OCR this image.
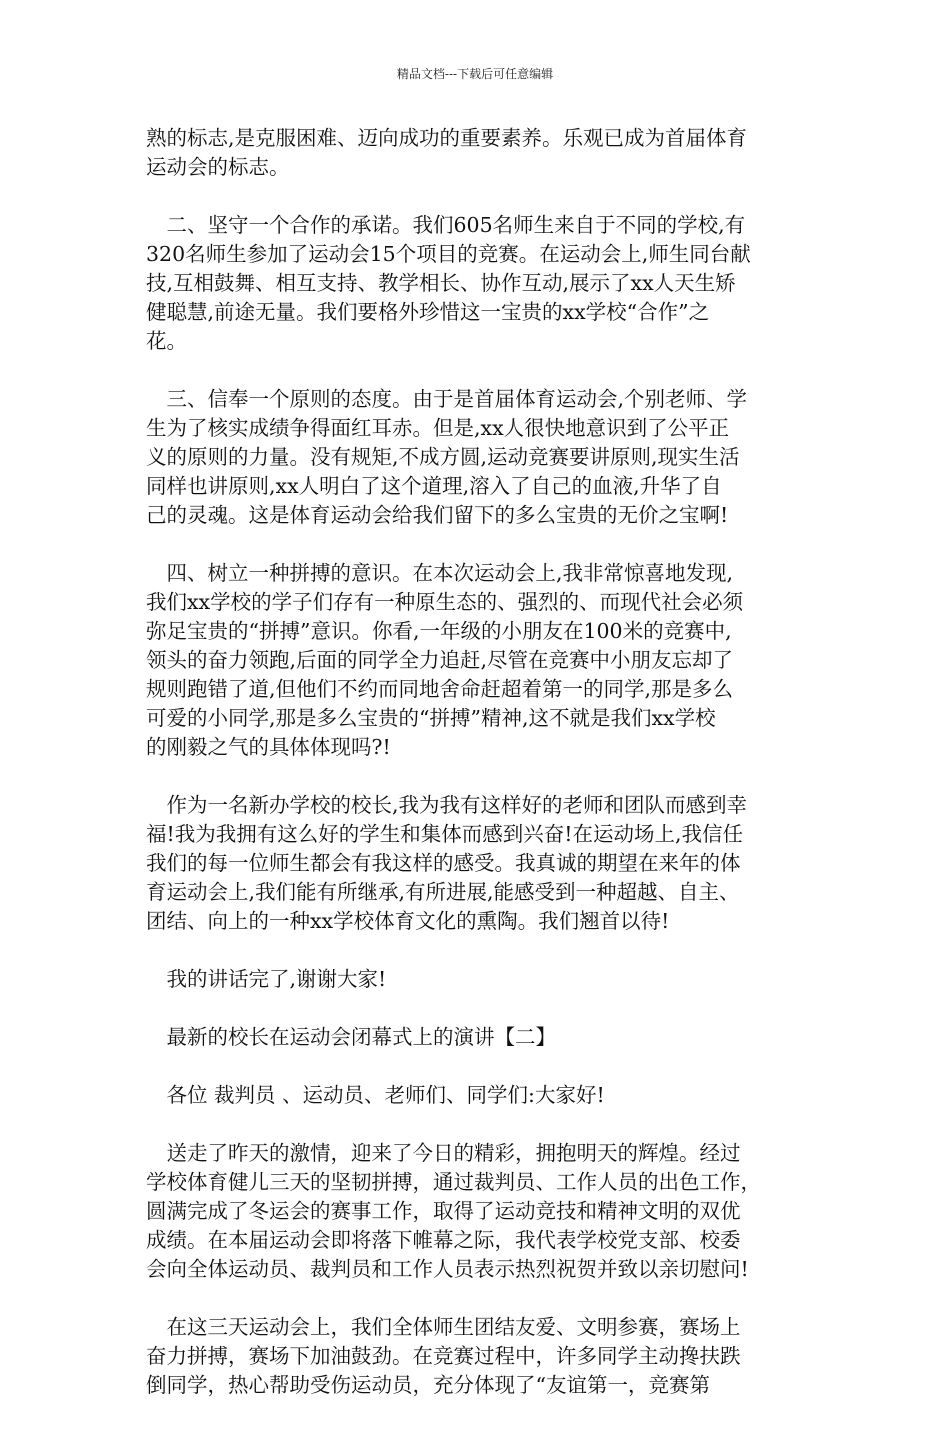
精品文档---下载后可任意编辑

熟的标志,是克服困难、迈向成功的重要素养。乐观已成为首届体育
运动会的标志。

　二、坚守一个合作的承诺。我们605名师生来自于不同的学校,有
320名师生参加了运动会15个项目的竞赛。在运动会上,师生同台献
技,互相鼓舞、相互支持、教学相长、协作互动,展示了xx人天生矫
健聪慧,前途无量。我们要格外珍惜这一宝贵的xx学校“合作”之
花。

　三、信奉一个原则的态度。由于是首届体育运动会,个别老师、学
生为了核实成绩争得面红耳赤。但是,xx人很快地意识到了公平正
义的原则的力量。没有规矩,不成方圆,运动竞赛要讲原则,现实生活
同样也讲原则,xx人明白了这个道理,溶入了自己的血液,升华了自
己的灵魂。这是体育运动会给我们留下的多么宝贵的无价之宝啊!

　四、树立一种拼搏的意识。在本次运动会上,我非常惊喜地发现,
我们xx学校的学子们存有一种原生态的、强烈的、而现代社会必须
弥足宝贵的“拼搏”意识。你看,一年级的小朋友在100米的竞赛中,
领头的奋力领跑,后面的同学全力追赶,尽管在竞赛中小朋友忘却了
规则跑错了道,但他们不约而同地舍命赶超着第一的同学,那是多么
可爱的小同学,那是多么宝贵的“拼搏”精神,这不就是我们xx学校
的刚毅之气的具体体现吗?!

　作为一名新办学校的校长,我为我有这样好的老师和团队而感到幸
福!我为我拥有这么好的学生和集体而感到兴奋!在运动场上,我信任
我们的每一位师生都会有我这样的感受。我真诚的期望在来年的体
育运动会上,我们能有所继承,有所进展,能感受到一种超越、自主、
团结、向上的一种xx学校体育文化的熏陶。我们翘首以待!

　我的讲话完了,谢谢大家!

　最新的校长在运动会闭幕式上的演讲【二】

　各位 裁判员 、运动员、老师们、同学们:大家好!

　送走了昨天的激情，迎来了今日的精彩，拥抱明天的辉煌。经过
学校体育健儿三天的坚韧拼搏，通过裁判员、工作人员的出色工作，
圆满完成了冬运会的赛事工作，取得了运动竞技和精神文明的双优
成绩。在本届运动会即将落下帷幕之际，我代表学校党支部、校委
会向全体运动员、裁判员和工作人员表示热烈祝贺并致以亲切慰问!

　在这三天运动会上，我们全体师生团结友爱、文明参赛，赛场上
奋力拼搏，赛场下加油鼓劲。在竞赛过程中，许多同学主动搀扶跌
倒同学，热心帮助受伤运动员，充分体现了“友谊第一，竞赛第
